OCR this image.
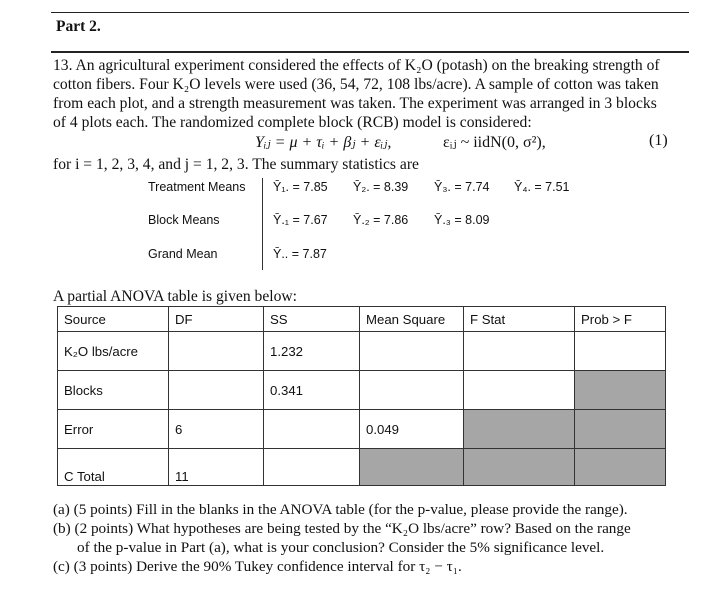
Part 2.
13. An agricultural experiment considered the effects of K₂O (potash) on the breaking strength of
cotton fibers. Four K₂O levels were used (36, 54, 72, 108 lbs/acre). A sample of cotton was taken
from each plot, and a strength measurement was taken. The experiment was arranged in 3 blocks
of 4 plots each. The randomized complete block (RCB) model is considered:
Yᵢⱼ = μ + τᵢ + βⱼ + εᵢⱼ,	εᵢⱼ ~ iidN(0, σ²),	(1)
for i = 1, 2, 3, 4, and j = 1, 2, 3. The summary statistics are
Treatment Means Ȳ₁. = 7.85 Ȳ₂. = 8.39 Ȳ₃. = 7.74 Ȳ₄. = 7.51
Block Means	Ȳ.₁ = 7.67 Ȳ.₂ = 7.86 Ȳ.₃ = 8.09
Grand Mean	Ȳ.. = 7.87
A partial ANOVA table is given below:
Source	DF	SS	Mean Square	F Stat	Prob > F
K₂O lbs/acre		1.232			
Blocks		0.341			
Error	6		0.049		
C Total	11				
(a) (5 points) Fill in the blanks in the ANOVA table (for the p-value, please provide the range).
(b) (2 points) What hypotheses are being tested by the “K₂O lbs/acre” row? Based on the range
of the p-value in Part (a), what is your conclusion? Consider the 5% significance level.
(c) (3 points) Derive the 90% Tukey confidence interval for τ₂ − τ₁.
